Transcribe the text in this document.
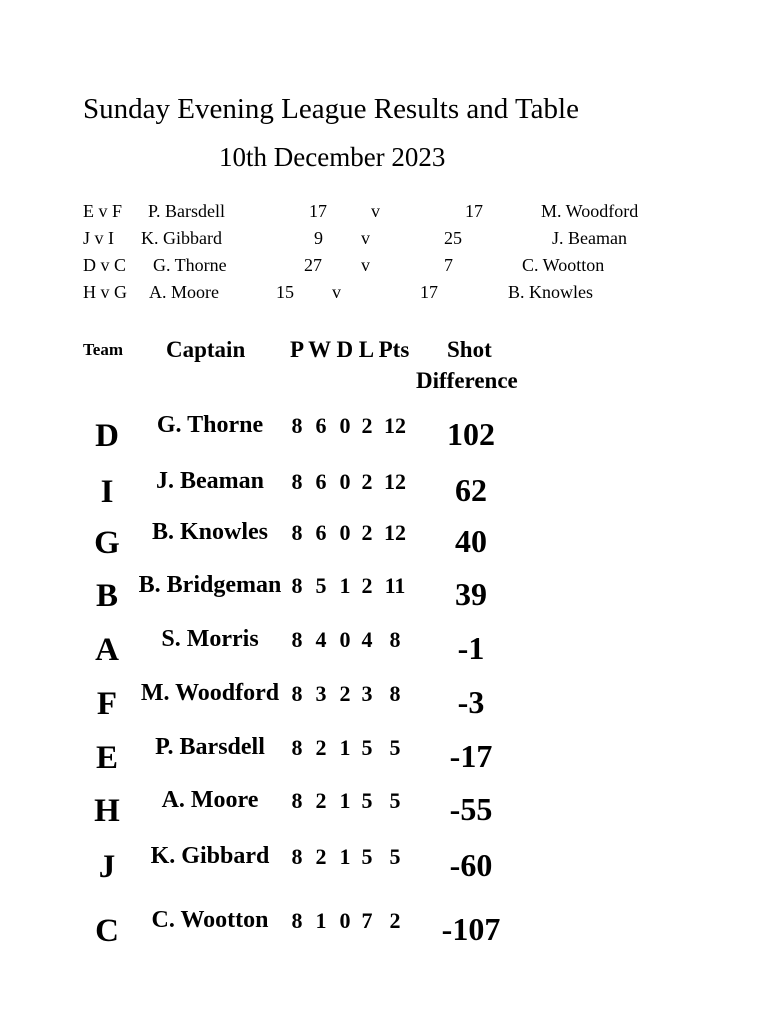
Sunday Evening League Results and Table
10th December 2023
E v F P. Barsdell	17 v	17	M. Woodford
J v I K. Gibbard	9 v	25	J. Beaman
D v C G. Thorne	27 v	7	C. Wootton
H v G A. Moore	15 v	17	B. Knowles
Team Captain P W D L Pts Shot
Difference
D	G. Thorne	8 6 0 2 12	102
I	J. Beaman	8 6 0 2 12	62
G	B. Knowles	8 6 0 2 12	40
B B. Bridgeman 8 5 1 2 11	39
A	S. Morris	8 4 0 4 8	-1
F M. Woodford 8 3 2 3 8	-3
E	P. Barsdell	8 2 1 5 5	-17
H	A. Moore	8 2 1 5 5	-55
J	K. Gibbard	8 2 1 5 5	-60
C	C. Wootton	8 1 0 7 2	-107
